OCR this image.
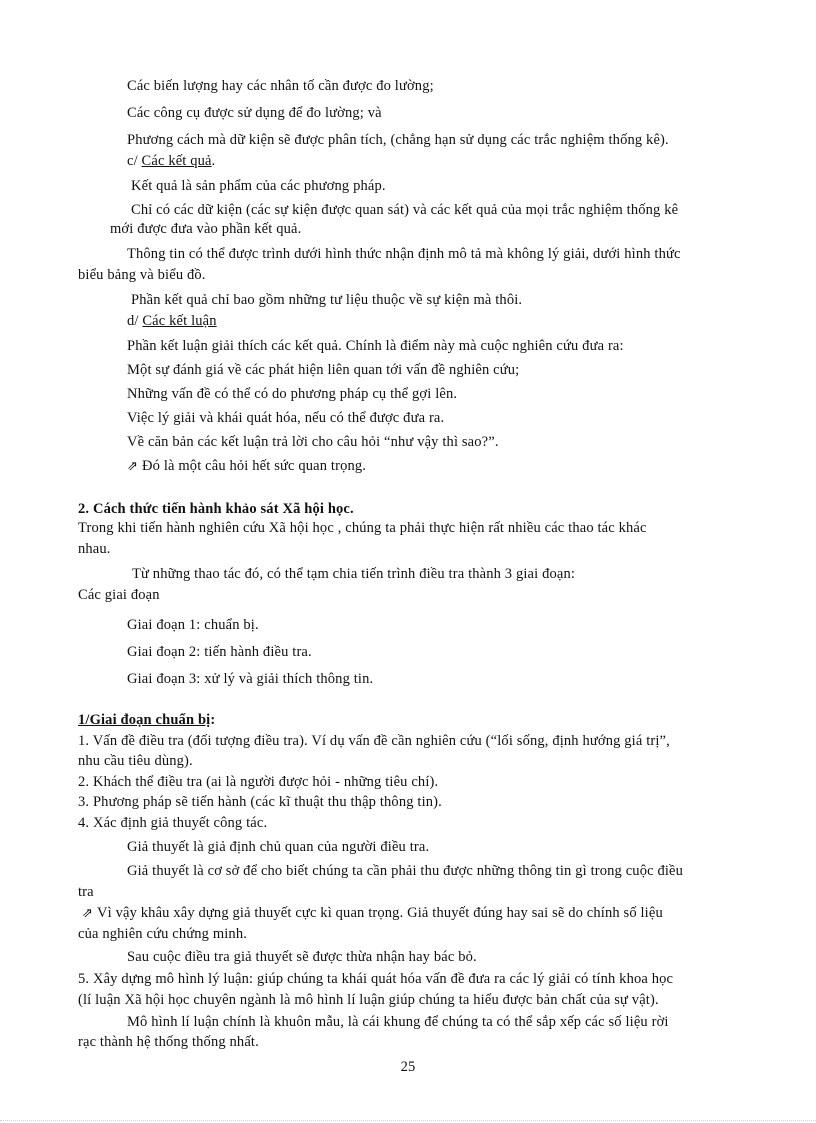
Các biến lượng hay các nhân tố cần được đo lường;
Các công cụ được sử dụng để đo lường; và
Phương cách mà dữ kiện sẽ được phân tích, (chẳng hạn sử dụng các trắc nghiệm thống kê).
c/ Các kết quả.
Kết quả là sản phẩm của các phương pháp.
Chỉ có các dữ kiện (các sự kiện được quan sát) và các kết quả của mọi trắc nghiệm thống kê
mới được đưa vào phần kết quả.
Thông tin có thể được trình dưới hình thức nhận định mô tả mà không lý giải, dưới hình thức
biểu bảng và biểu đồ.
Phần kết quả chỉ bao gồm những tư liệu thuộc về sự kiện mà thôi.
d/ Các kết luận
Phần kết luận giải thích các kết quả. Chính là điểm này mà cuộc nghiên cứu đưa ra:
Một sự đánh giá về các phát hiện liên quan tới vấn đề nghiên cứu;
Những vấn đề có thể có do phương pháp cụ thể gợi lên.
Việc lý giải và khái quát hóa, nếu có thể được đưa ra.
Về căn bản các kết luận trả lời cho câu hỏi “như vậy thì sao?”.
⇗ Đó là một câu hỏi hết sức quan trọng.
2. Cách thức tiến hành khảo sát Xã hội học.
Trong khi tiến hành nghiên cứu Xã hội học , chúng ta phải thực hiện rất nhiều các thao tác khác
nhau.
Từ những thao tác đó, có thể tạm chia tiến trình điều tra thành 3 giai đoạn:
Các giai đoạn
Giai đoạn 1: chuẩn bị.
Giai đoạn 2: tiến hành điều tra.
Giai đoạn 3: xử lý và giải thích thông tin.
1/Giai đoạn chuẩn bị:
1. Vấn đề điều tra (đối tượng điều tra). Ví dụ vấn đề cần nghiên cứu (“lối sống, định hướng giá trị”,
nhu cầu tiêu dùng).
2. Khách thể điều tra (ai là người được hỏi - những tiêu chí).
3. Phương pháp sẽ tiến hành (các kĩ thuật thu thập thông tin).
4. Xác định giả thuyết công tác.
Giả thuyết là giả định chủ quan của người điều tra.
Giả thuyết là cơ sở để cho biết chúng ta cần phải thu được những thông tin gì trong cuộc điều
tra
⇗ Vì vậy khâu xây dựng giả thuyết cực kì quan trọng. Giả thuyết đúng hay sai sẽ do chính số liệu
của nghiên cứu chứng minh.
Sau cuộc điều tra giả thuyết sẽ được thừa nhận hay bác bỏ.
5. Xây dựng mô hình lý luận: giúp chúng ta khái quát hóa vấn đề đưa ra các lý giải có tính khoa học
(lí luận Xã hội học chuyên ngành là mô hình lí luận giúp chúng ta hiểu được bản chất của sự vật).
Mô hình lí luận chính là khuôn mẫu, là cái khung để chúng ta có thể sắp xếp các số liệu rời
rạc thành hệ thống thống nhất.
25
